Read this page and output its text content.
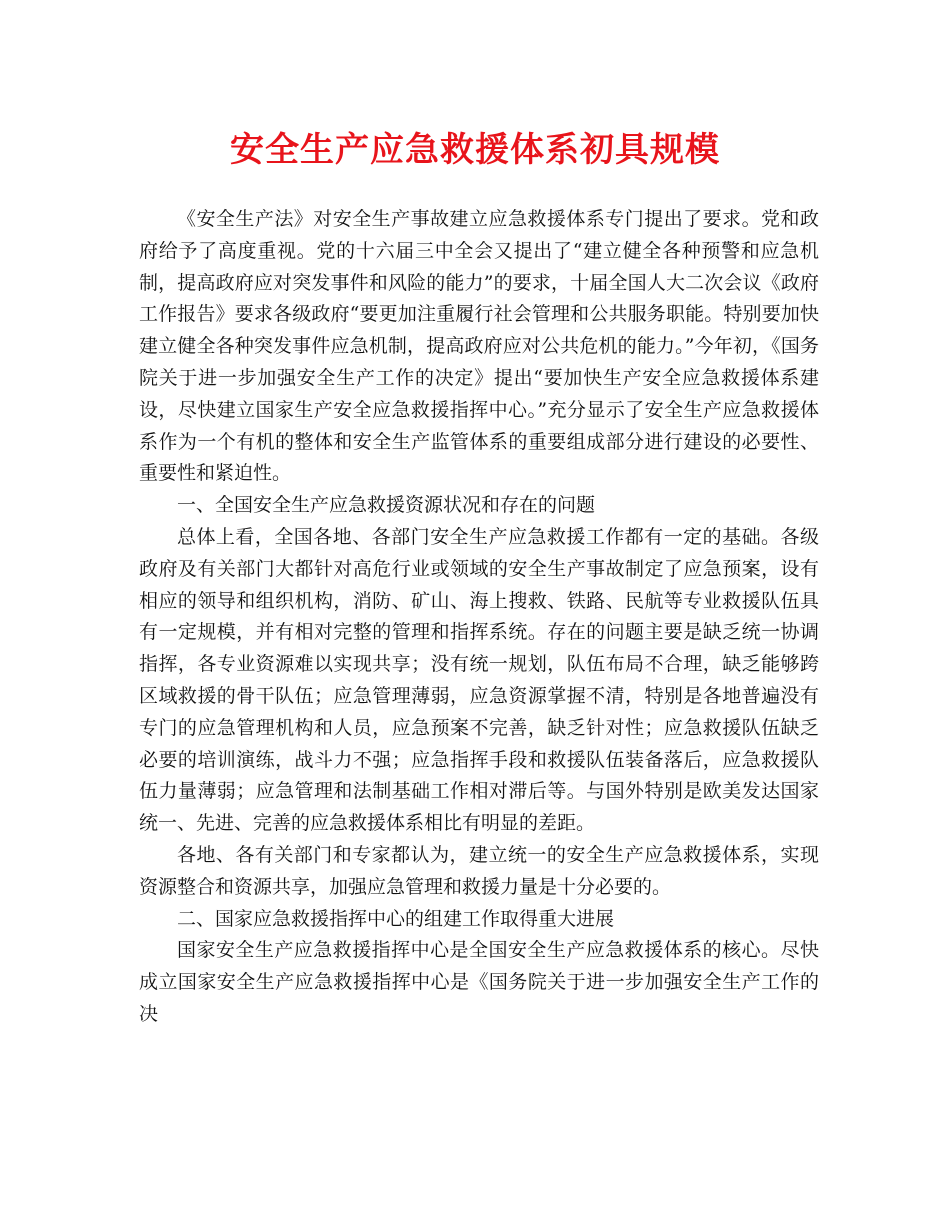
安全生产应急救援体系初具规模

《安全生产法》对安全生产事故建立应急救援体系专门提出了要求。党和政府给予了高度重视。党的十六届三中全会又提出了“建立健全各种预警和应急机制，提高政府应对突发事件和风险的能力”的要求，十届全国人大二次会议《政府工作报告》要求各级政府“要更加注重履行社会管理和公共服务职能。特别要加快建立健全各种突发事件应急机制，提高政府应对公共危机的能力。”今年初，《国务院关于进一步加强安全生产工作的决定》提出“要加快生产安全应急救援体系建设，尽快建立国家生产安全应急救援指挥中心。”充分显示了安全生产应急救援体系作为一个有机的整体和安全生产监管体系的重要组成部分进行建设的必要性、重要性和紧迫性。

一、全国安全生产应急救援资源状况和存在的问题

总体上看，全国各地、各部门安全生产应急救援工作都有一定的基础。各级政府及有关部门大都针对高危行业或领域的安全生产事故制定了应急预案，设有相应的领导和组织机构，消防、矿山、海上搜救、铁路、民航等专业救援队伍具有一定规模，并有相对完整的管理和指挥系统。存在的问题主要是缺乏统一协调指挥，各专业资源难以实现共享；没有统一规划，队伍布局不合理，缺乏能够跨区域救援的骨干队伍；应急管理薄弱，应急资源掌握不清，特别是各地普遍没有专门的应急管理机构和人员，应急预案不完善，缺乏针对性；应急救援队伍缺乏必要的培训演练，战斗力不强；应急指挥手段和救援队伍装备落后，应急救援队伍力量薄弱；应急管理和法制基础工作相对滞后等。与国外特别是欧美发达国家统一、先进、完善的应急救援体系相比有明显的差距。

各地、各有关部门和专家都认为，建立统一的安全生产应急救援体系，实现资源整合和资源共享，加强应急管理和救援力量是十分必要的。

二、国家应急救援指挥中心的组建工作取得重大进展

国家安全生产应急救援指挥中心是全国安全生产应急救援体系的核心。尽快成立国家安全生产应急救援指挥中心是《国务院关于进一步加强安全生产工作的决
